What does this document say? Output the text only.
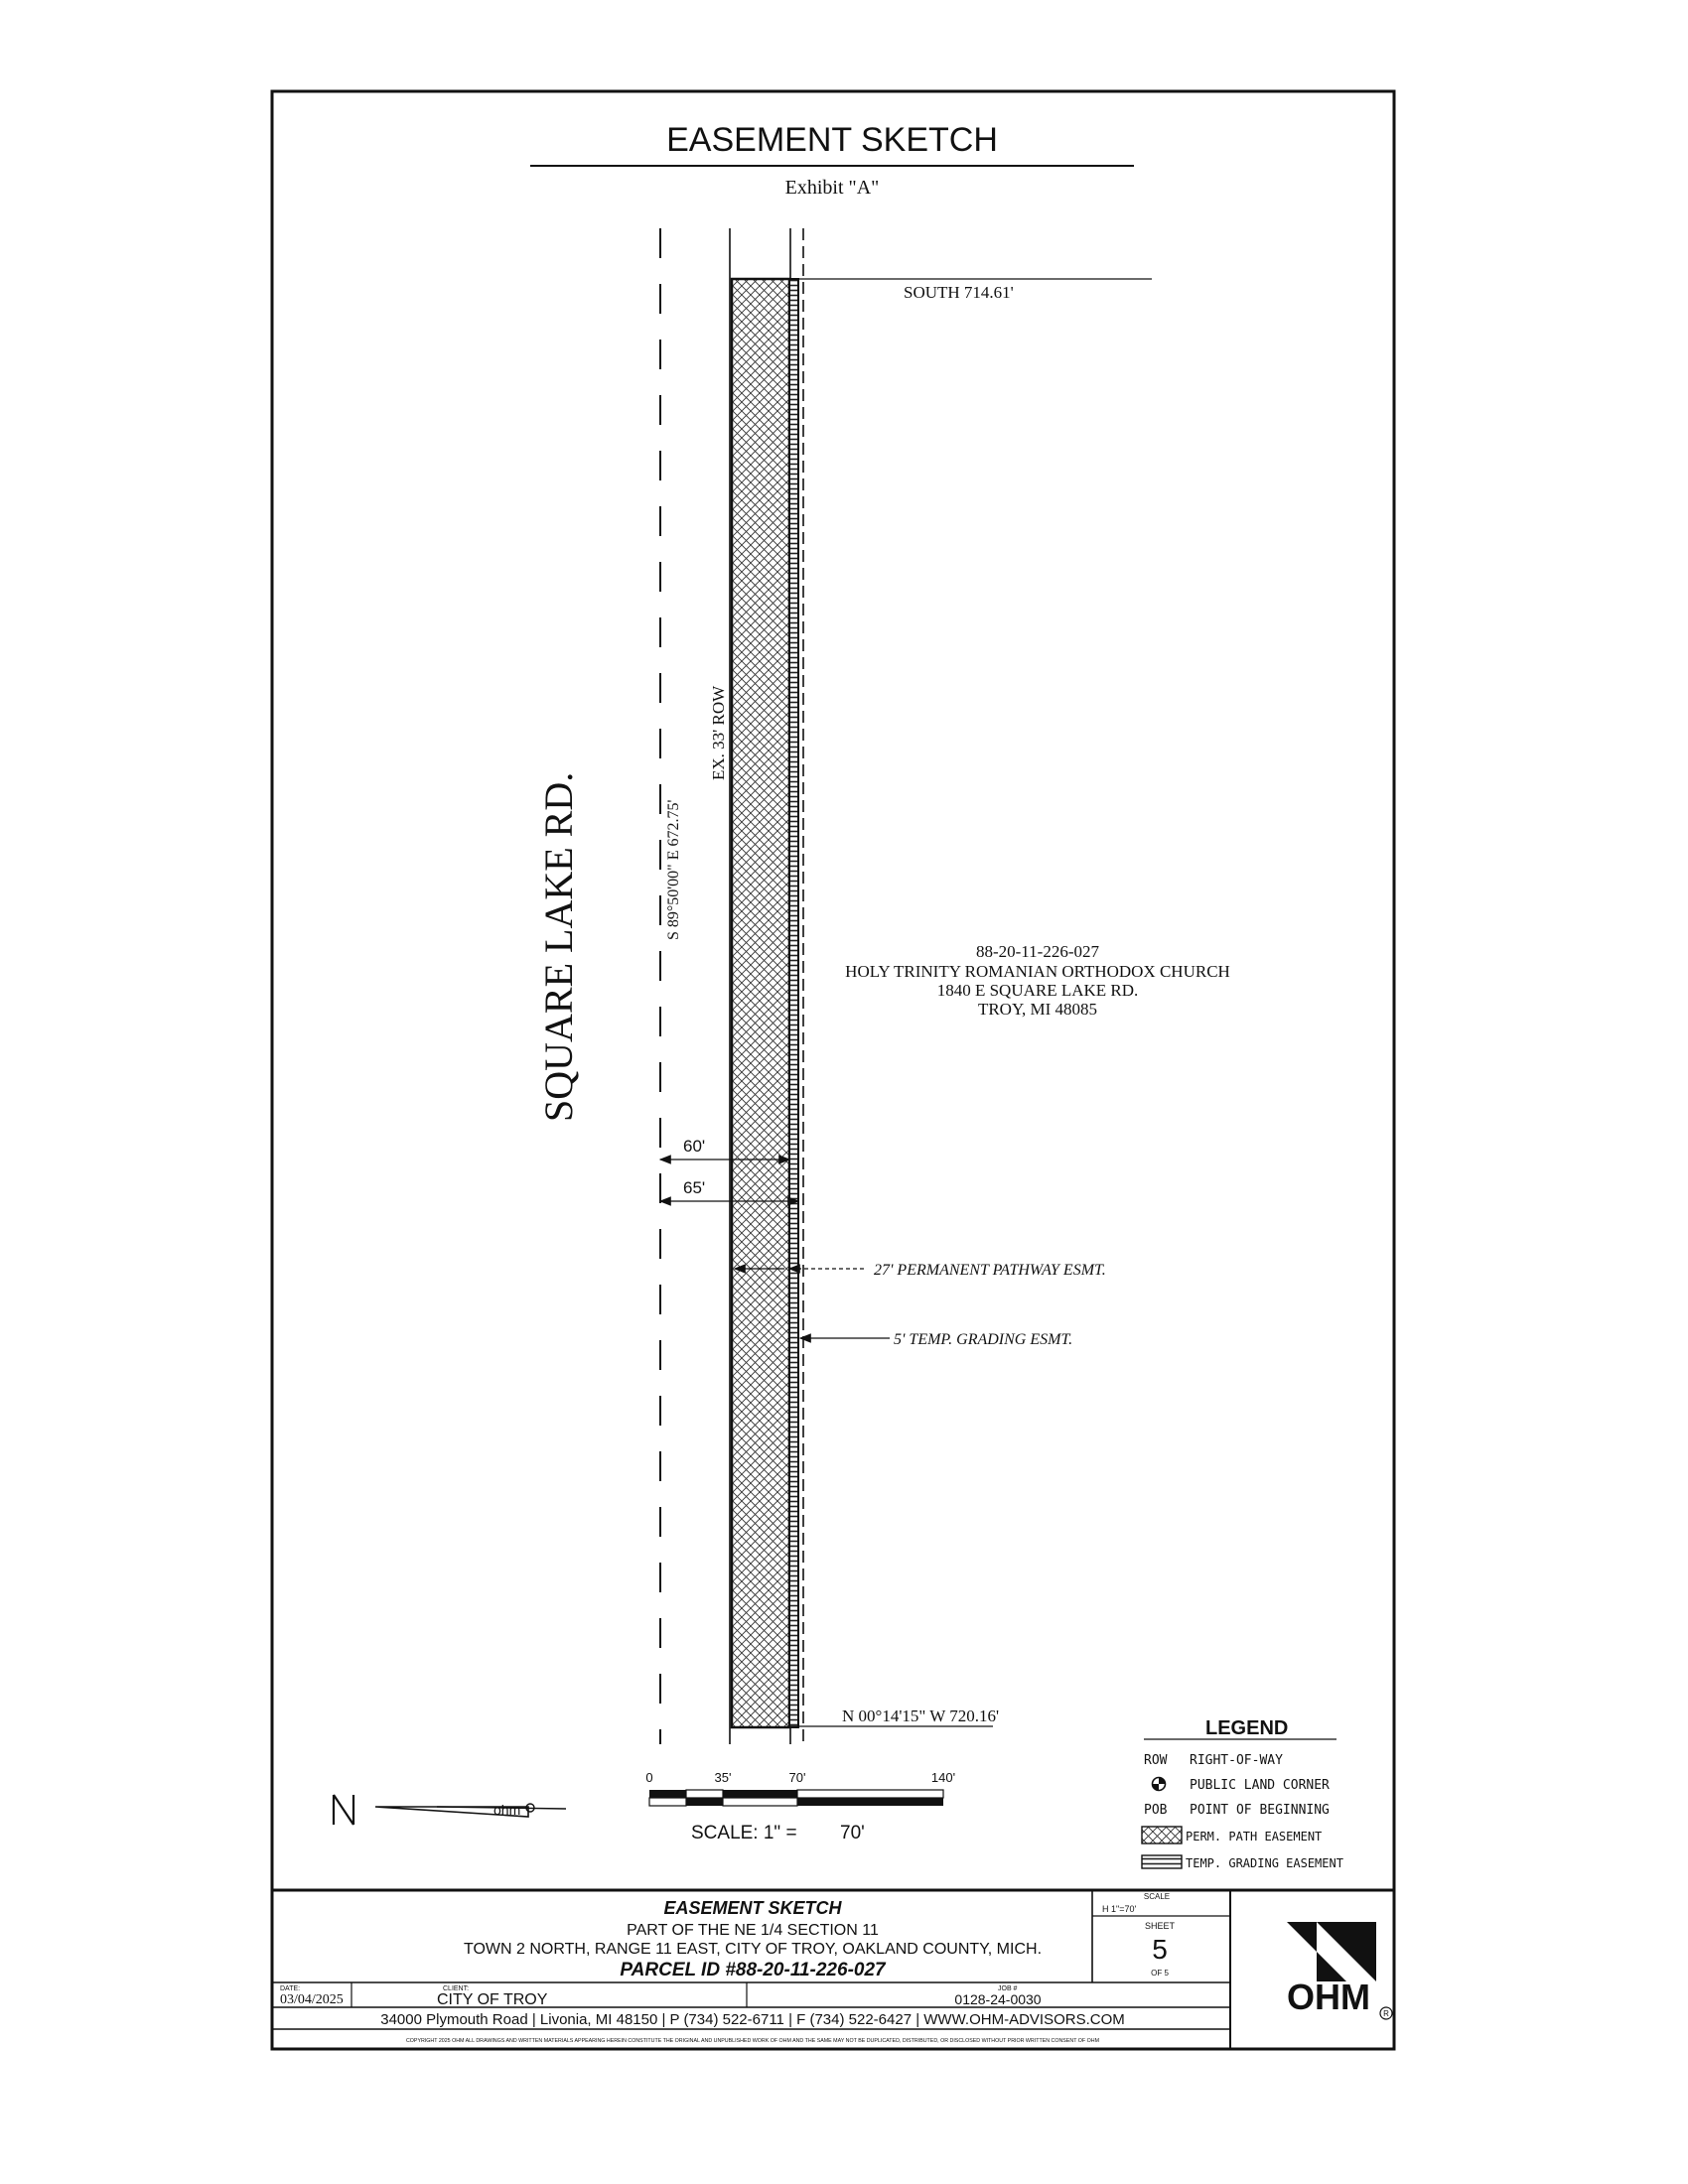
EASEMENT SKETCH
Exhibit "A"
SOUTH 714.61'
N 00°14'15" W 720.16'
SQUARE LAKE RD.	S 89°50'00" E 672.75'
EX. 33' ROW
88-20-11-226-027
HOLY TRINITY ROMANIAN ORTHODOX CHURCH
1840 E SQUARE LAKE RD.
TROY, MI 48085
60'
65'
27' PERMANENT PATHWAY ESMT.
5' TEMP. GRADING ESMT.
ohm
0	35'	70'	140'
SCALE: 1" = 70'
LEGEND
ROW RIGHT-OF-WAY
PUBLIC LAND CORNER
POB POINT OF BEGINNING
PERM. PATH EASEMENT
TEMP. GRADING EASEMENT
EASEMENT SKETCH
PART OF THE NE 1/4 SECTION 11
TOWN 2 NORTH, RANGE 11 EAST, CITY OF TROY, OAKLAND COUNTY, MICH.
PARCEL ID #88-20-11-226-027
SCALE
H 1"=70'
SHEET
5
OF 5
DATE:
03/04/2025
CLIENT:
CITY OF TROY
JOB #
0128-24-0030
34000 Plymouth Road | Livonia, MI 48150 | P (734) 522-6711 | F (734) 522-6427 | WWW.OHM-ADVISORS.COM
COPYRIGHT 2025 OHM ALL DRAWINGS AND WRITTEN MATERIALS APPEARING HEREIN CONSTITUTE THE ORIGINAL AND UNPUBLISHED WORK OF OHM AND THE SAME MAY NOT BE DUPLICATED, DISTRIBUTED, OR DISCLOSED WITHOUT PRIOR WRITTEN CONSENT OF OHM
OHM R
